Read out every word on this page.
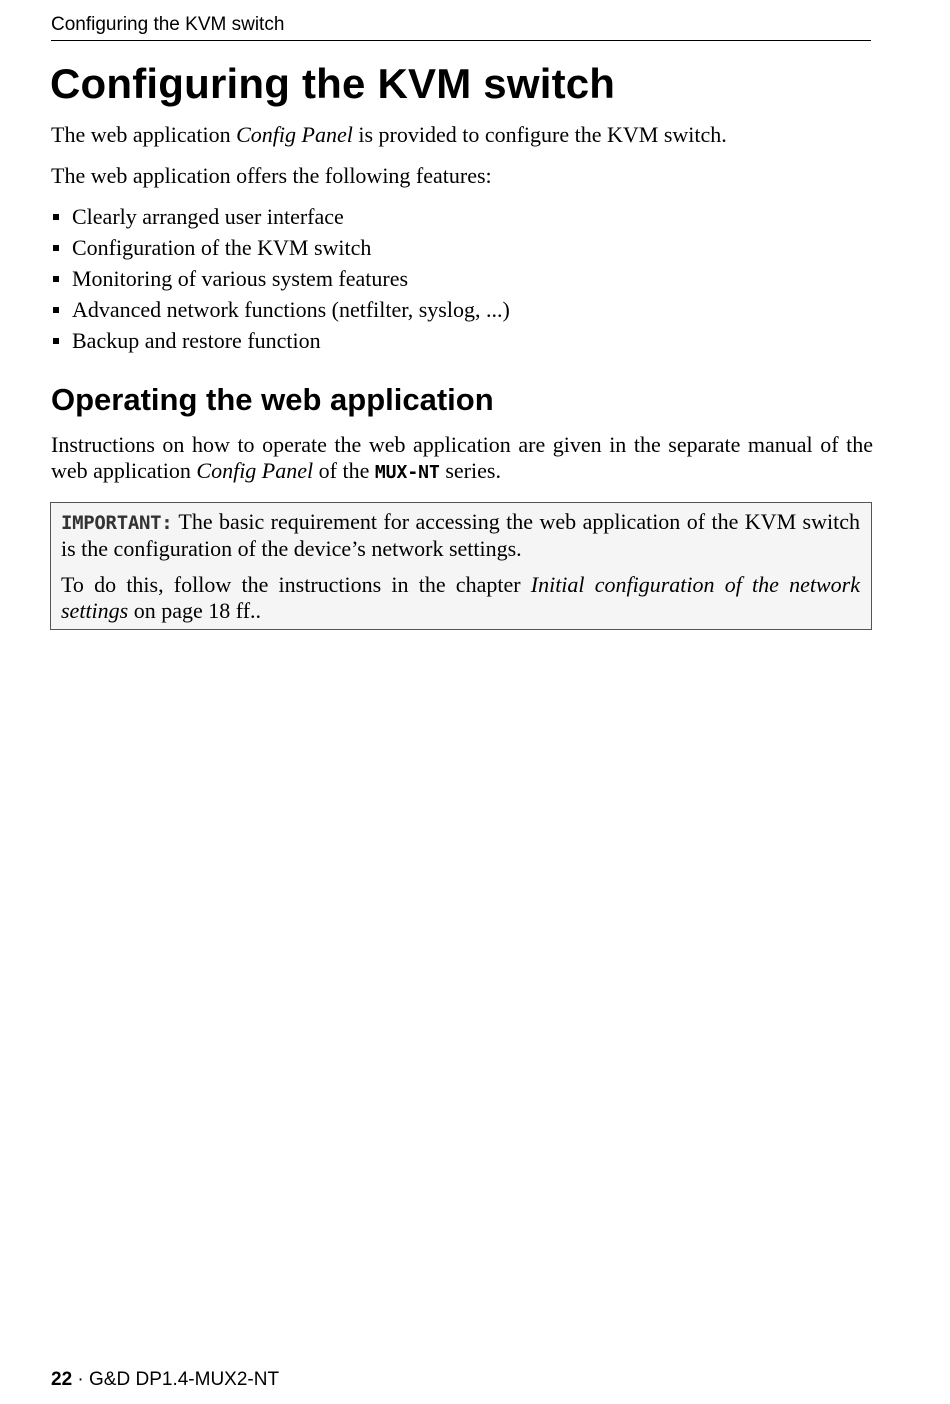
Configuring the KVM switch
Configuring the KVM switch

The web application Config Panel is provided to configure the KVM switch.

The web application offers the following features:

Clearly arranged user interface
Configuration of the KVM switch
Monitoring of various system features
Advanced network functions (netfilter, syslog, ...)
Backup and restore function
Operating the web application

Instructions on how to operate the web application are given in the separate manual of the web application Config Panel of the MUX-NT series.

IMPORTANT: The basic requirement for accessing the web application of the KVM switch is the configuration of the device’s network settings.

To do this, follow the instructions in the chapter Initial configuration of the network settings on page 18 ff..

22 · G&D DP1.4-MUX2-NT
